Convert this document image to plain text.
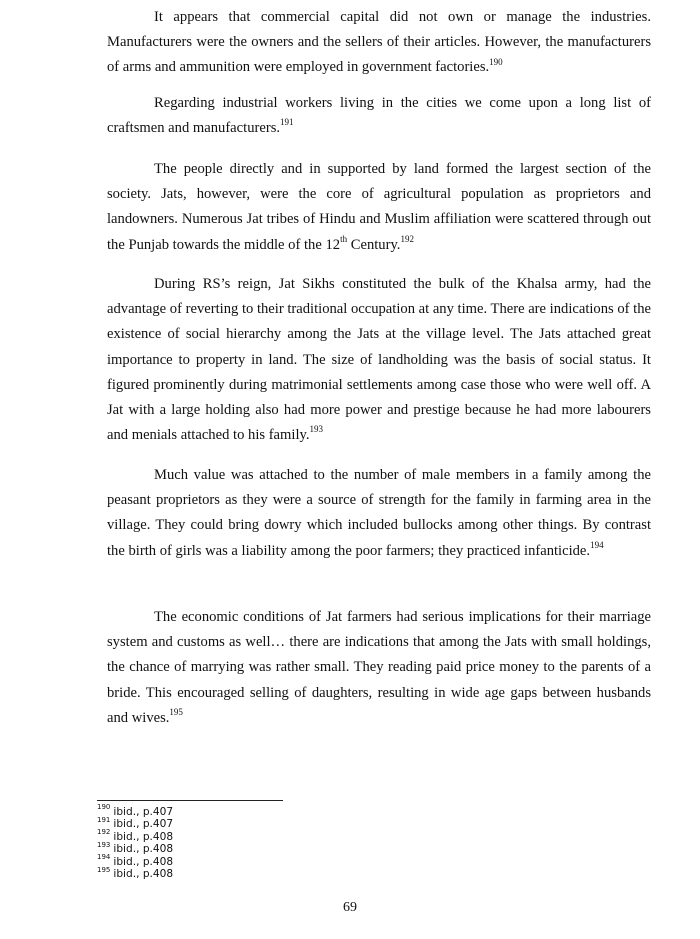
It appears that commercial capital did not own or manage the industries. Manufacturers were the owners and the sellers of their articles. However, the manufacturers of arms and ammunition were employed in government factories.$^{190}$

Regarding industrial workers living in the cities we come upon a long list of craftsmen and manufacturers.$^{191}$

The people directly and in supported by land formed the largest section of the society. Jats, however, were the core of agricultural population as proprietors and landowners. Numerous Jat tribes of Hindu and Muslim affiliation were scattered through out the Punjab towards the middle of the 12th Century.$^{192}$

During RS’s reign, Jat Sikhs constituted the bulk of the Khalsa army, had the advantage of reverting to their traditional occupation at any time. There are indications of the existence of social hierarchy among the Jats at the village level. The Jats attached great importance to property in land. The size of landholding was the basis of social status. It figured prominently during matrimonial settlements among case those who were well off. A Jat with a large holding also had more power and prestige because he had more labourers and menials attached to his family.$^{193}$

Much value was attached to the number of male members in a family among the peasant proprietors as they were a source of strength for the family in farming area in the village. They could bring dowry which included bullocks among other things. By contrast the birth of girls was a liability among the poor farmers; they practiced infanticide.$^{194}$

The economic conditions of Jat farmers had serious implications for their marriage system and customs as well… there are indications that among the Jats with small holdings, the chance of marrying was rather small. They reading paid price money to the parents of a bride. This encouraged selling of daughters, resulting in wide age gaps between husbands and wives.$^{195}$

$^{190}$ ibid., p.407
$^{191}$ ibid., p.407
$^{192}$ ibid., p.408
$^{193}$ ibid., p.408
$^{194}$ ibid., p.408
$^{195}$ ibid., p.408
69
